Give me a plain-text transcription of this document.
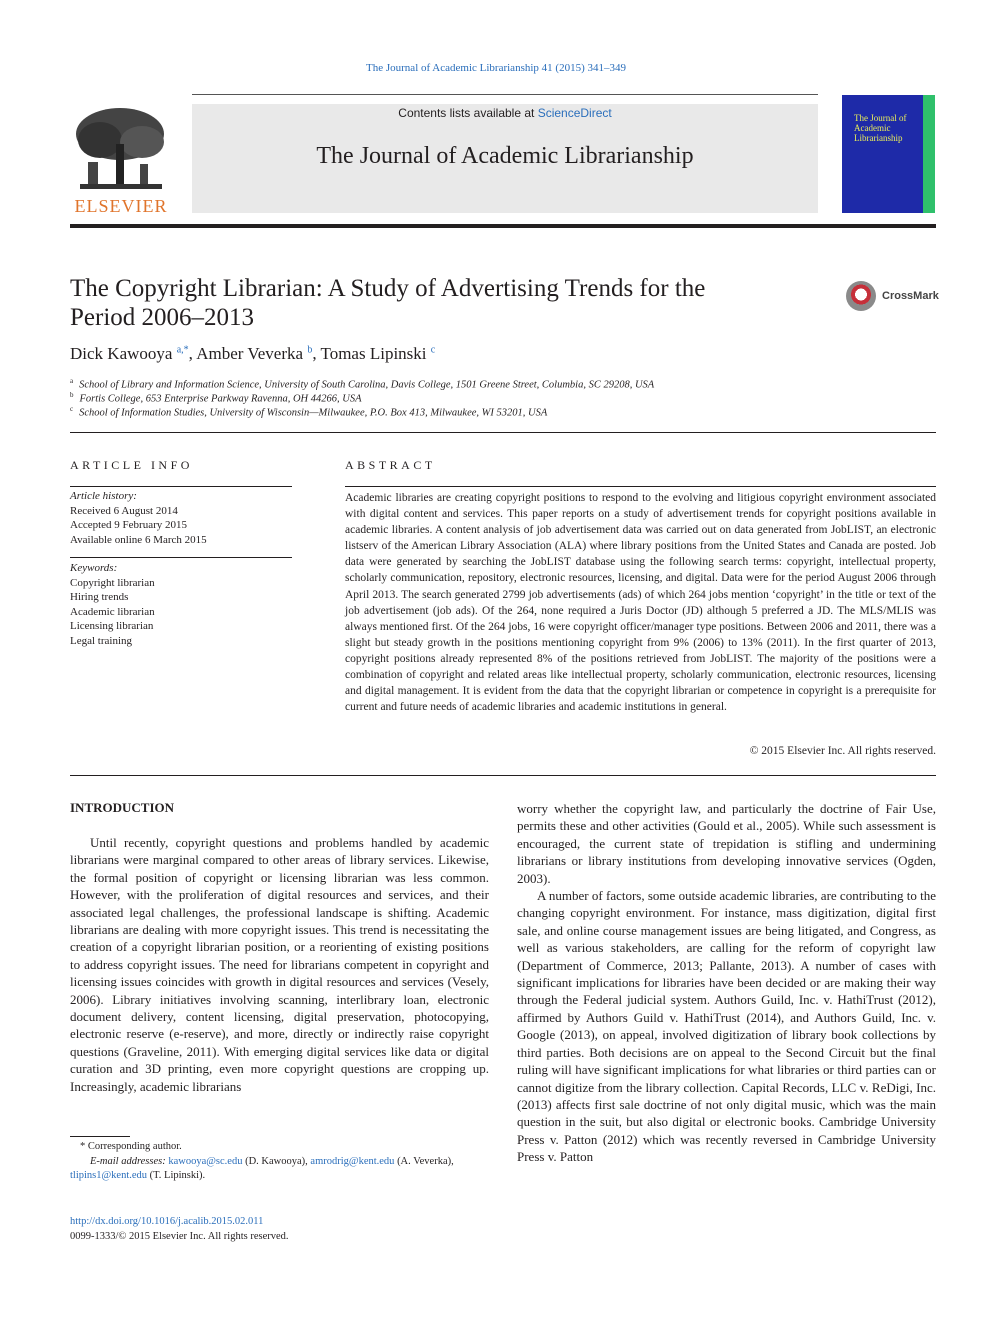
The Journal of Academic Librarianship 41 (2015) 341–349
ELSEVIER
Contents lists available at ScienceDirect
The Journal of Academic Librarianship
The Journal of Academic Librarianship
The Copyright Librarian: A Study of Advertising Trends for the Period 2006–2013
CrossMark
Dick Kawooya $^{a,*}$, Amber Veverka $^b$, Tomas Lipinski $^c$
$^a$ School of Library and Information Science, University of South Carolina, Davis College, 1501 Greene Street, Columbia, SC 29208, USA
$^b$ Fortis College, 653 Enterprise Parkway Ravenna, OH 44266, USA
$^c$ School of Information Studies, University of Wisconsin—Milwaukee, P.O. Box 413, Milwaukee, WI 53201, USA
ARTICLE INFO
Article history:
Received 6 August 2014
Accepted 9 February 2015
Available online 6 March 2015
Keywords:
Copyright librarian
Hiring trends
Academic librarian
Licensing librarian
Legal training
ABSTRACT
Academic libraries are creating copyright positions to respond to the evolving and litigious copyright environment associated with digital content and services. This paper reports on a study of advertisement trends for copyright positions available in academic libraries. A content analysis of job advertisement data was carried out on data generated from JobLIST, an electronic listserv of the American Library Association (ALA) where library positions from the United States and Canada are posted. Job data were generated by searching the JobLIST database using the following search terms: copyright, intellectual property, scholarly communication, repository, electronic resources, licensing, and digital. Data were for the period August 2006 through April 2013. The search generated 2799 job advertisements (ads) of which 264 jobs mention ‘copyright’ in the title or text of the job advertisement (job ads). Of the 264, none required a Juris Doctor (JD) although 5 preferred a JD. The MLS/MLIS was always mentioned first. Of the 264 jobs, 16 were copyright officer/manager type positions. Between 2006 and 2011, there was a slight but steady growth in the positions mentioning copyright from 9% (2006) to 13% (2011). In the first quarter of 2013, copyright positions already represented 8% of the positions retrieved from JobLIST. The majority of the positions were a combination of copyright and related areas like intellectual property, scholarly communication, electronic resources, licensing and digital management. It is evident from the data that the copyright librarian or competence in copyright is a prerequisite for current and future needs of academic libraries and academic institutions in general.
© 2015 Elsevier Inc. All rights reserved.
INTRODUCTION

Until recently, copyright questions and problems handled by academic librarians were marginal compared to other areas of library services. Likewise, the formal position of copyright or licensing librarian was less common. However, with the proliferation of digital resources and services, and their associated legal challenges, the professional landscape is shifting. Academic librarians are dealing with more copyright issues. This trend is necessitating the creation of a copyright librarian position, or a reorienting of existing positions to address copyright issues. The need for librarians competent in copyright and licensing issues coincides with growth in digital resources and services (Vesely, 2006). Library initiatives involving scanning, interlibrary loan, electronic document delivery, content licensing, digital preservation, photocopying, electronic reserve (e-reserve), and more, directly or indirectly raise copyright questions (Graveline, 2011). With emerging digital services like data or digital curation and 3D printing, even more copyright questions are cropping up. Increasingly, academic librarians

worry whether the copyright law, and particularly the doctrine of Fair Use, permits these and other activities (Gould et al., 2005). While such assessment is encouraged, the current state of trepidation is stifling and undermining librarians or library institutions from developing innovative services (Ogden, 2003).

A number of factors, some outside academic libraries, are contributing to the changing copyright environment. For instance, mass digitization, digital first sale, and online course management issues are being litigated, and Congress, as well as various stakeholders, are calling for the reform of copyright law (Department of Commerce, 2013; Pallante, 2013). A number of cases with significant implications for libraries have been decided or are making their way through the Federal judicial system. Authors Guild, Inc. v. HathiTrust (2012), affirmed by Authors Guild v. HathiTrust (2014), and Authors Guild, Inc. v. Google (2013), on appeal, involved digitization of library book collections by third parties. Both decisions are on appeal to the Second Circuit but the final ruling will have significant implications for what libraries or third parties can or cannot digitize from the library collection. Capital Records, LLC v. ReDigi, Inc. (2013) affects first sale doctrine of not only digital music, which was the main question in the suit, but also digital or electronic books. Cambridge University Press v. Patton (2012) which was recently reversed in Cambridge University Press v. Patton

* Corresponding author.
E-mail addresses: kawooya@sc.edu (D. Kawooya), amrodrig@kent.edu (A. Veverka),
tlipins1@kent.edu (T. Lipinski).
http://dx.doi.org/10.1016/j.acalib.2015.02.011
0099-1333/© 2015 Elsevier Inc. All rights reserved.
